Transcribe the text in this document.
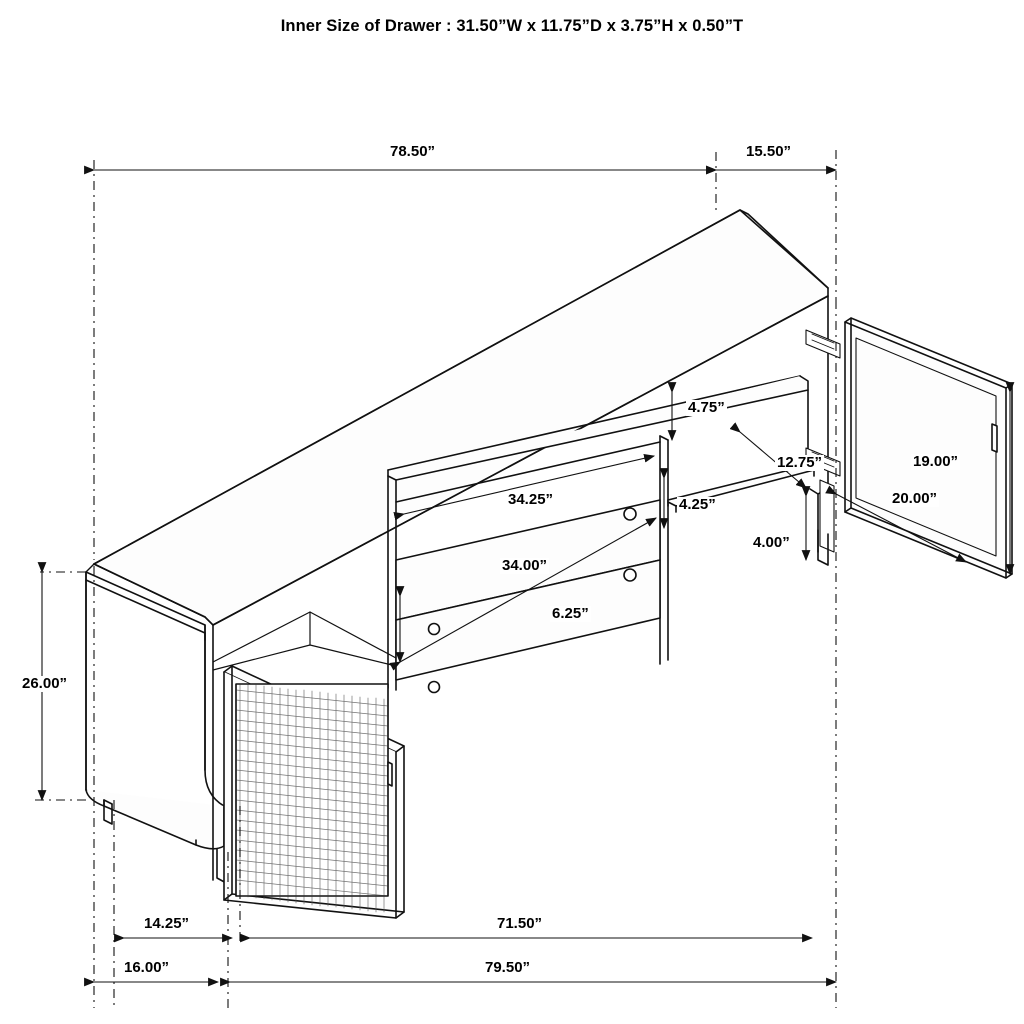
Inner Size of Drawer : 31.50”W x 11.75”D x 3.75”H x 0.50”T
78.50”	15.50”
4.75”
12.75”	19.00”
20.00”
34.25”	4.25”
4.00”
34.00”
6.25”
26.00”
14.25”	71.50”
16.00”	79.50”
